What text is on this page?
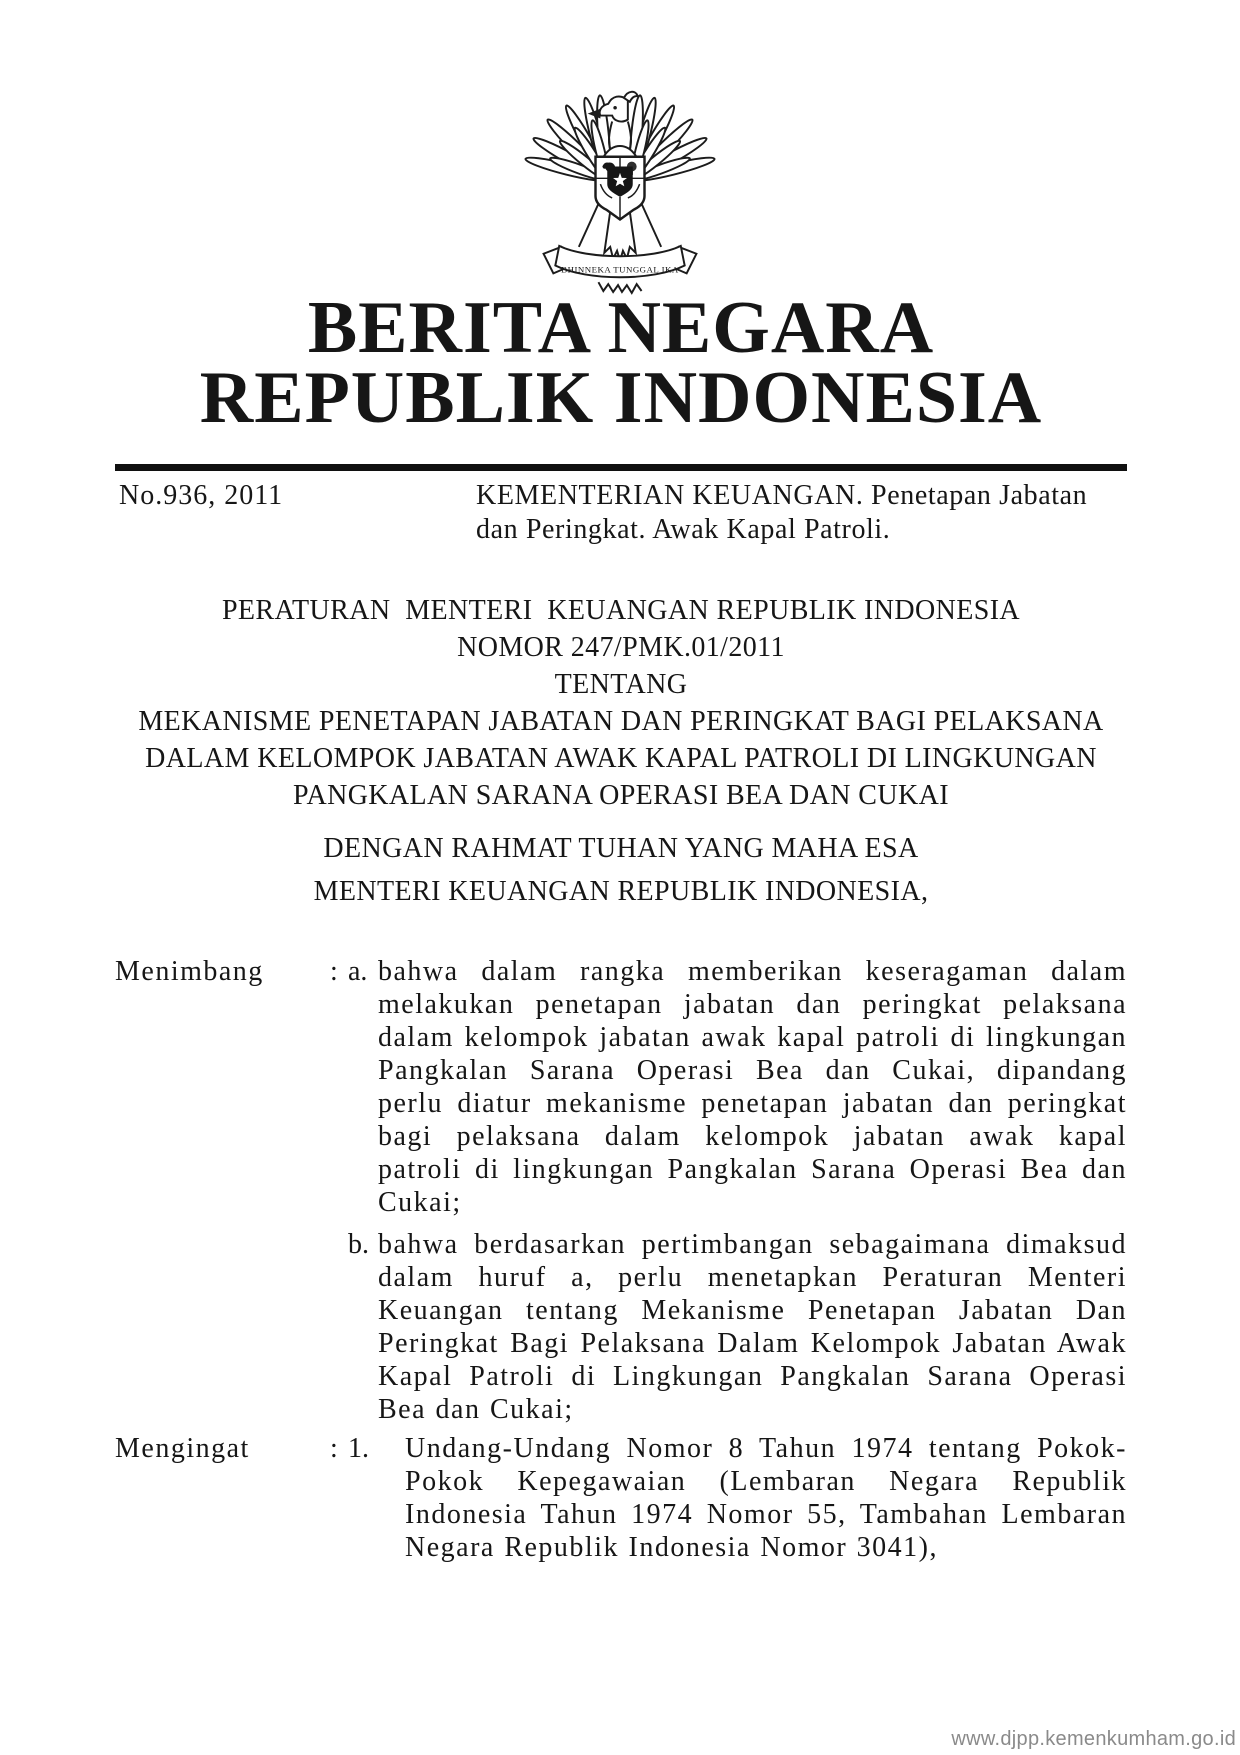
BHINNEKA TUNGGAL IKA
BERITA NEGARA
REPUBLIK INDONESIA
No.936, 2011	KEMENTERIAN KEUANGAN. Penetapan Jabatan
dan Peringkat. Awak Kapal Patroli.
PERATURAN  MENTERI  KEUANGAN REPUBLIK INDONESIA
NOMOR 247/PMK.01/2011
TENTANG
MEKANISME PENETAPAN JABATAN DAN PERINGKAT BAGI PELAKSANA
DALAM KELOMPOK JABATAN AWAK KAPAL PATROLI DI LINGKUNGAN
PANGKALAN SARANA OPERASI BEA DAN CUKAI
DENGAN RAHMAT TUHAN YANG MAHA ESA
MENTERI KEUANGAN REPUBLIK INDONESIA,
Menimbang	: a. bahwa dalam rangka memberikan keseragaman dalam melakukan penetapan jabatan dan peringkat pelaksana dalam kelompok jabatan awak kapal patroli di lingkungan Pangkalan Sarana Operasi Bea dan Cukai, dipandang perlu diatur mekanisme penetapan jabatan dan peringkat bagi pelaksana dalam kelompok jabatan awak kapal patroli di lingkungan Pangkalan Sarana Operasi Bea dan Cukai;
b. bahwa berdasarkan pertimbangan sebagaimana dimaksud dalam huruf a, perlu menetapkan Peraturan Menteri Keuangan tentang Mekanisme Penetapan Jabatan Dan Peringkat Bagi Pelaksana Dalam Kelompok Jabatan Awak Kapal Patroli di Lingkungan Pangkalan Sarana Operasi Bea dan Cukai;
Mengingat	: 1.	Undang-Undang Nomor 8 Tahun 1974 tentang Pokok-Pokok Kepegawaian (Lembaran Negara Republik Indonesia Tahun 1974 Nomor 55, Tambahan Lembaran Negara Republik Indonesia Nomor 3041),
www.djpp.kemenkumham.go.id
